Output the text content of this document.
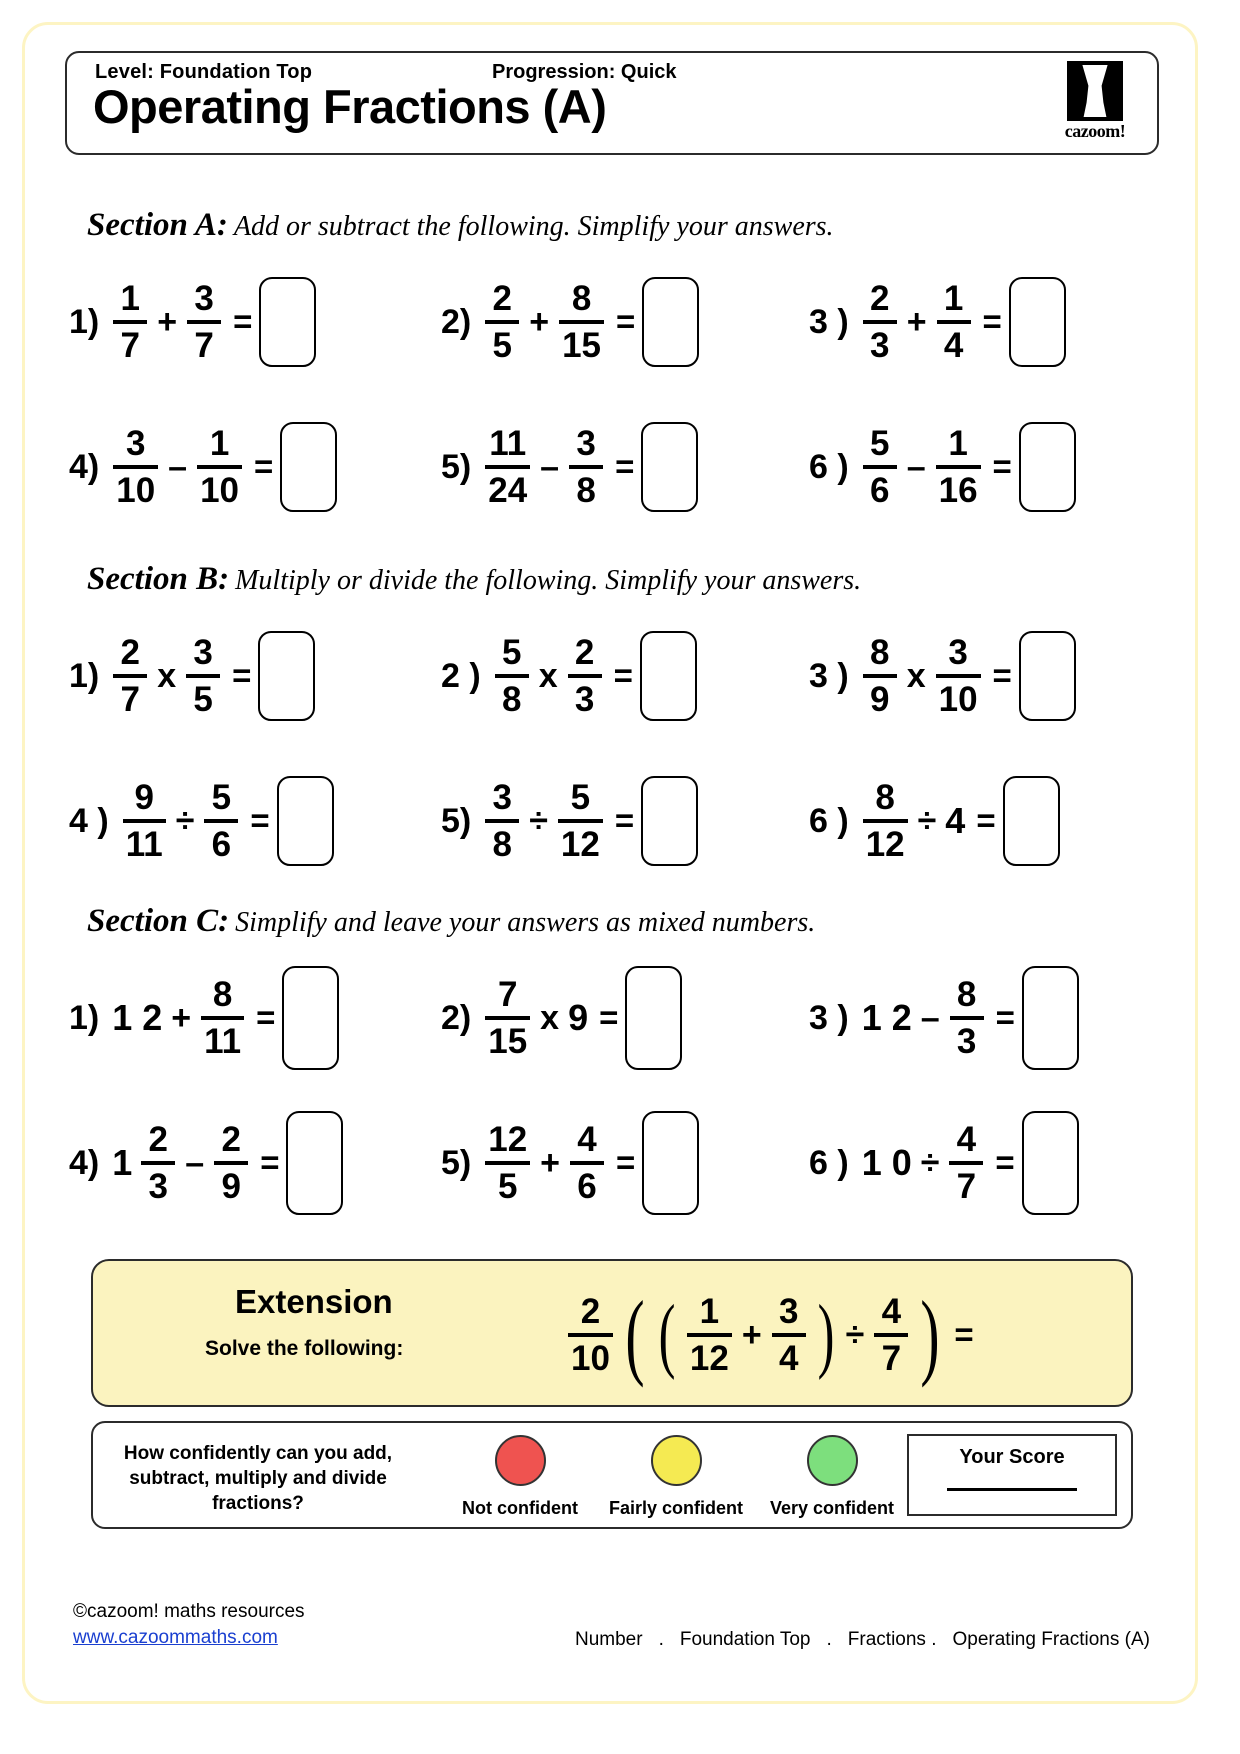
Level: Foundation Top	Progression: Quick
Operating Fractions (A)	cazoom!
Section A: Add or subtract the following. Simplify your answers.
$1) \frac{1}{7} + \frac{3}{7}$ =	$2) \frac{2}{5} + \frac{8}{15}$ =	3 ) $\frac{2}{3} + \frac{1}{4}$ =
$4) \frac{3}{10} - \frac{1}{10}$ =	$5) \frac{11}{24} - \frac{3}{8}$ =	6 ) $\frac{5}{6} - \frac{1}{16}$ =
Section B: Multiply or divide the following. Simplify your answers.
$1) \frac{2}{7}$ x $\frac{3}{5}$ =	2 ) $\frac{5}{8}$ x $\frac{2}{3}$ =	3 ) $\frac{8}{9}$ x $\frac{3}{10}$ =
4 ) $\frac{9}{11} \div \frac{5}{6}$ =	$5) \frac{3}{8} \div \frac{5}{12}$ =	6 ) $\frac{8}{12} \div 4$ =
Section C: Simplify and leave your answers as mixed numbers.
1) 1 $2 + \frac{8}{11}$ =	$2) \frac{7}{15}$ x 9 =	3 ) 1 $2 - \frac{8}{3}$ =
4) $1 \frac{2}{3} - \frac{2}{9}$ =	$5) \frac{12}{5} + \frac{4}{6}$ =	6 ) 1 $0 \div \frac{4}{7}$ =
Extension
Solve the following:	$\frac{2}{10}$ ( ( $\frac{1}{12} + \frac{3}{4}$ ) ÷ $\frac{4}{7}$ ) =
How confidently can you add, subtract, multiply and divide fractions?	Not confident	Fairly confident	Very confident
Your Score
©cazoom! maths resources
www.cazoommaths.com	Number . Foundation Top . Fractions . Operating Fractions (A)
